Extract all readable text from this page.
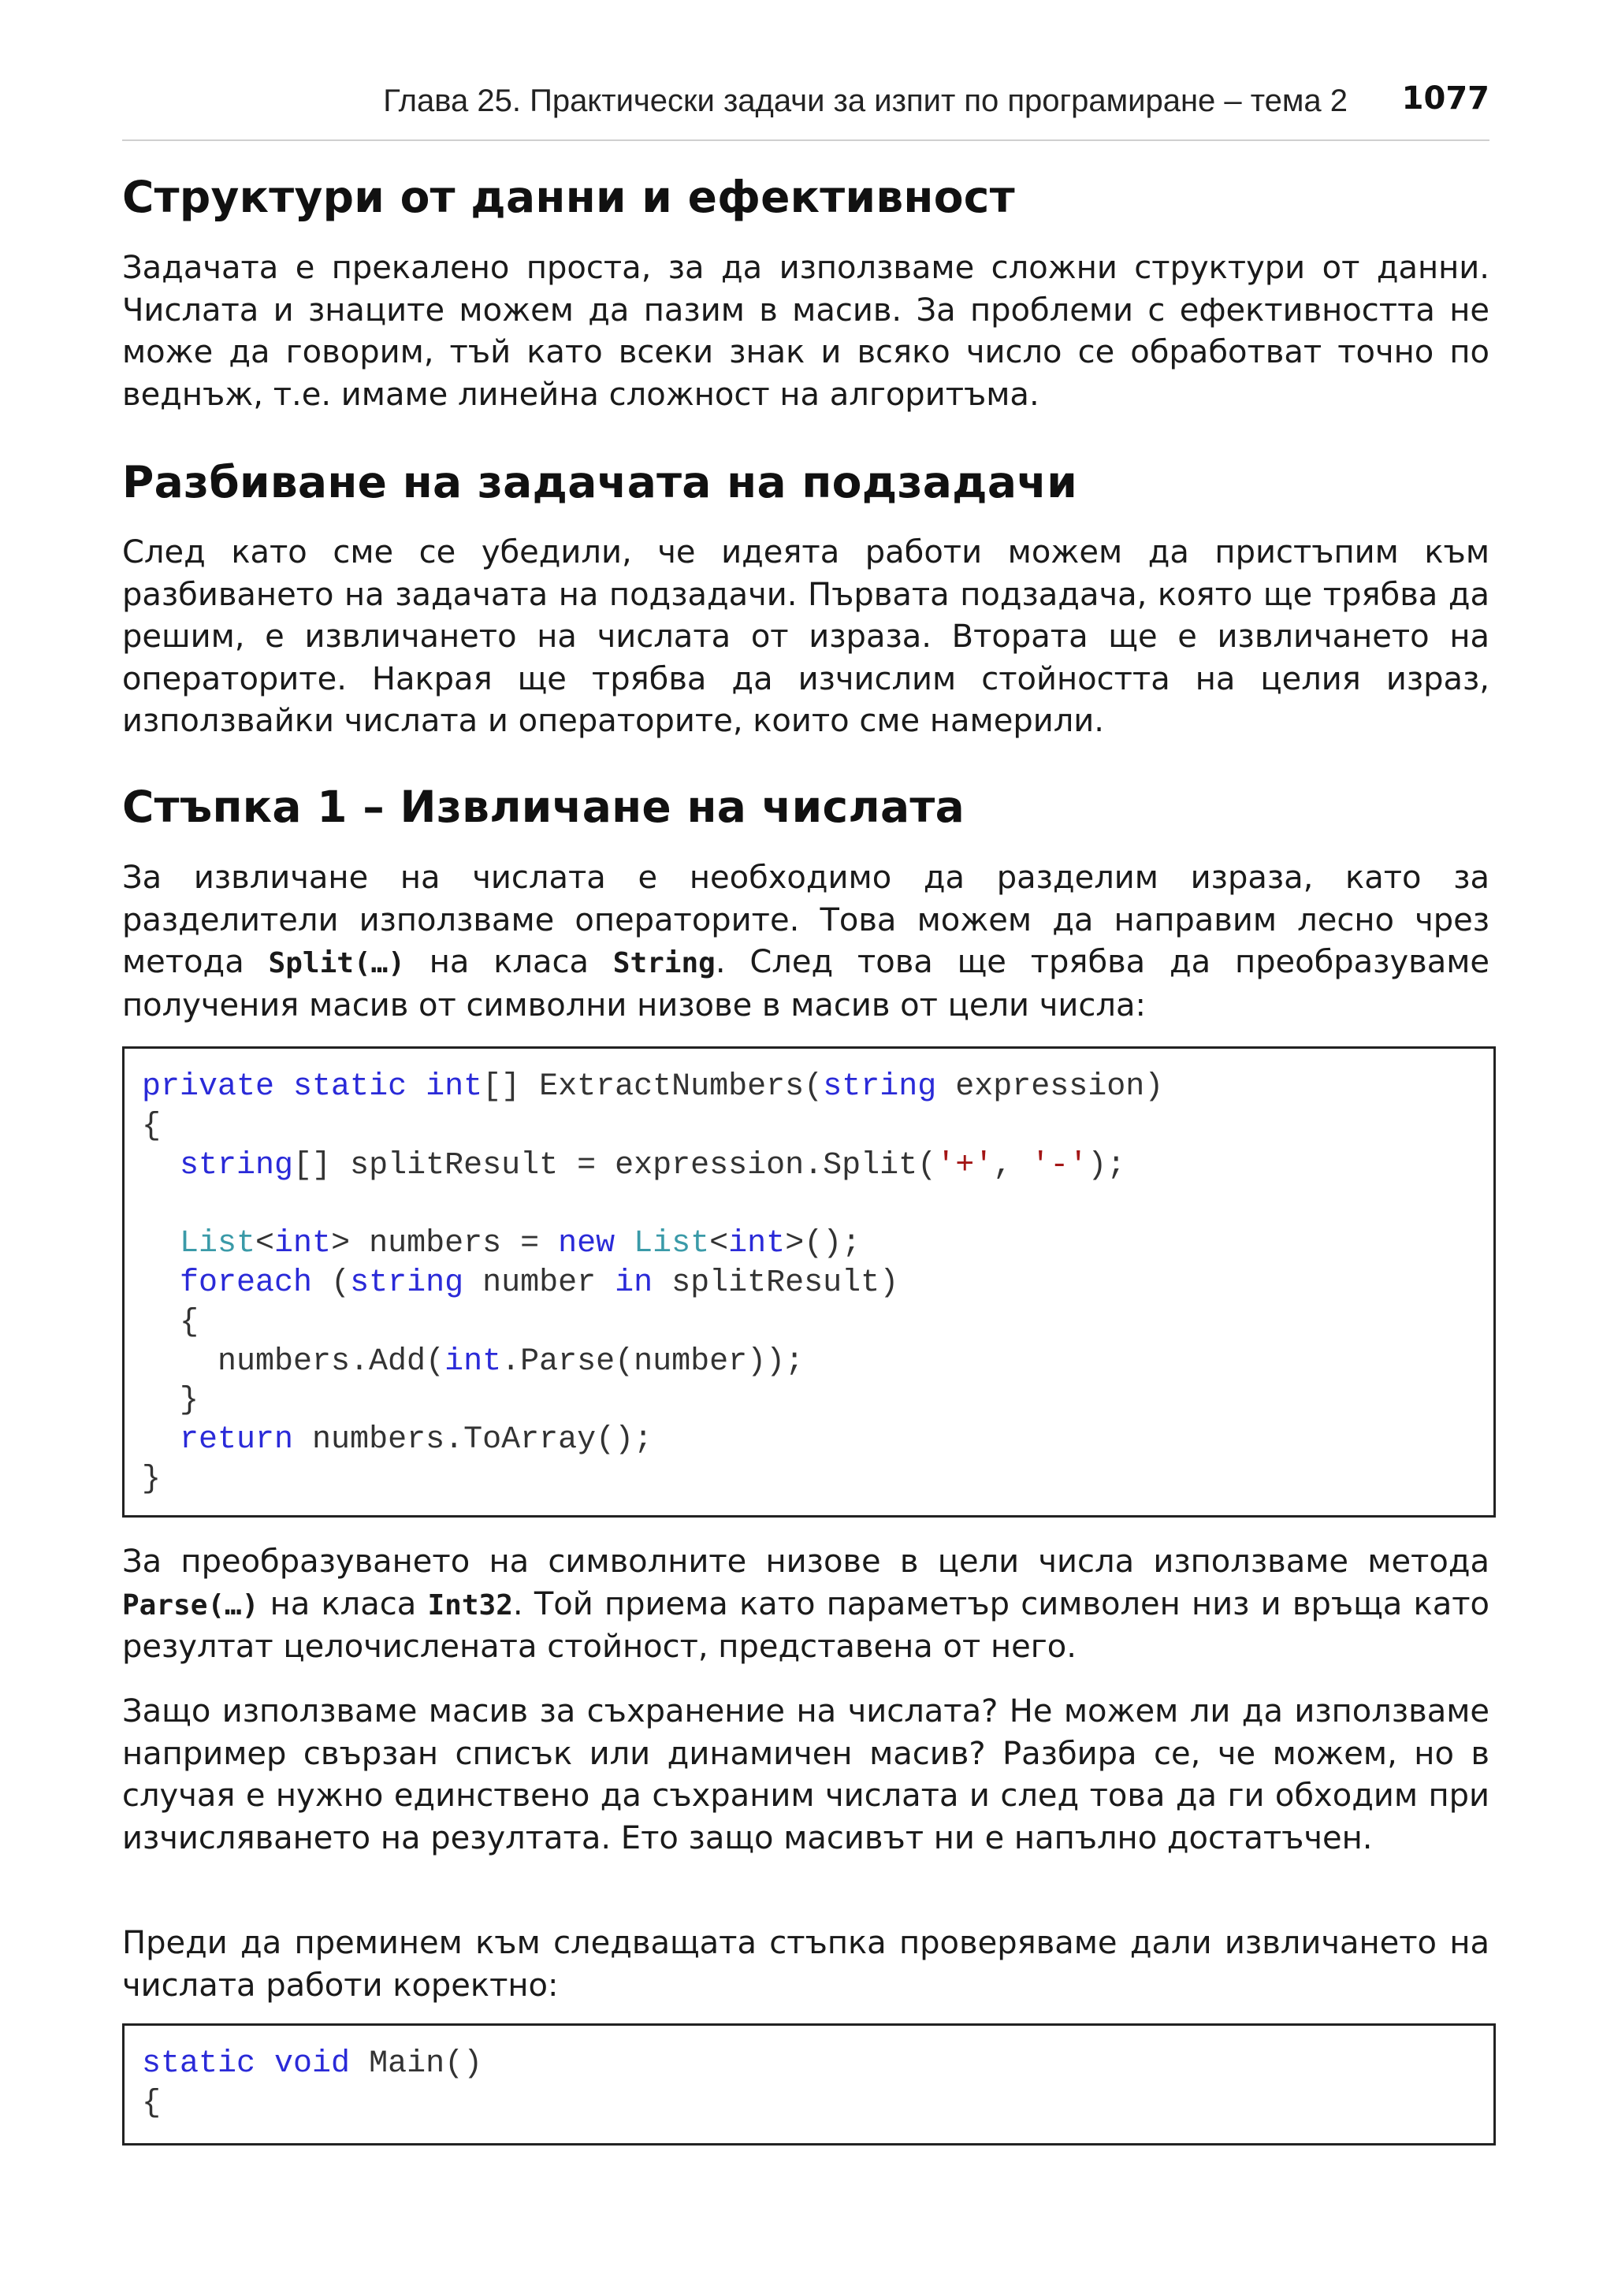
Глава 25. Практически задачи за изпит по програмиране – тема 2 1077
Структури от данни и ефективност

Задачата е прекалено проста, за да използваме сложни структури от данни. Числата и знаците можем да пазим в масив. За проблеми с ефективността не може да говорим, тъй като всеки знак и всяко число се обработват точно по веднъж, т.е. имаме линейна сложност на алгоритъма.

Разбиване на задачата на подзадачи

След като сме се убедили, че идеята работи можем да пристъпим към разбиването на задачата на подзадачи. Първата подзадача, която ще трябва да решим, е извличането на числата от израза. Втората ще е извличането на операторите. Накрая ще трябва да изчислим стойността на целия израз, използвайки числата и операторите, които сме намерили.

Стъпка 1 – Извличане на числата

За извличане на числата е необходимо да разделим израза, като за разделители използваме операторите. Това можем да направим лесно чрез метода Split(…) на класа String. След това ще трябва да преобразуваме получения масив от символни низове в масив от цели числа:

private static int[] ExtractNumbers(string expression)
{
string[] splitResult = expression.Split('+', '-');
List<int> numbers = new List<int>();
foreach (string number in splitResult)
{
numbers.Add(int.Parse(number));
}
return numbers.ToArray();
}

За преобразуването на символните низове в цели числа използваме метода Parse(…) на класа Int32. Той приема като параметър символен низ и връща като резултат целочислената стойност, представена от него.

Защо използваме масив за съхранение на числата? Не можем ли да използваме например свързан списък или динамичен масив? Разбира се, че можем, но в случая е нужно единствено да съхраним числата и след това да ги обходим при изчисляването на резултата. Ето защо масивът ни е напълно достатъчен.

Преди да преминем към следващата стъпка проверяваме дали извличането на числата работи коректно:

static void Main()
{
